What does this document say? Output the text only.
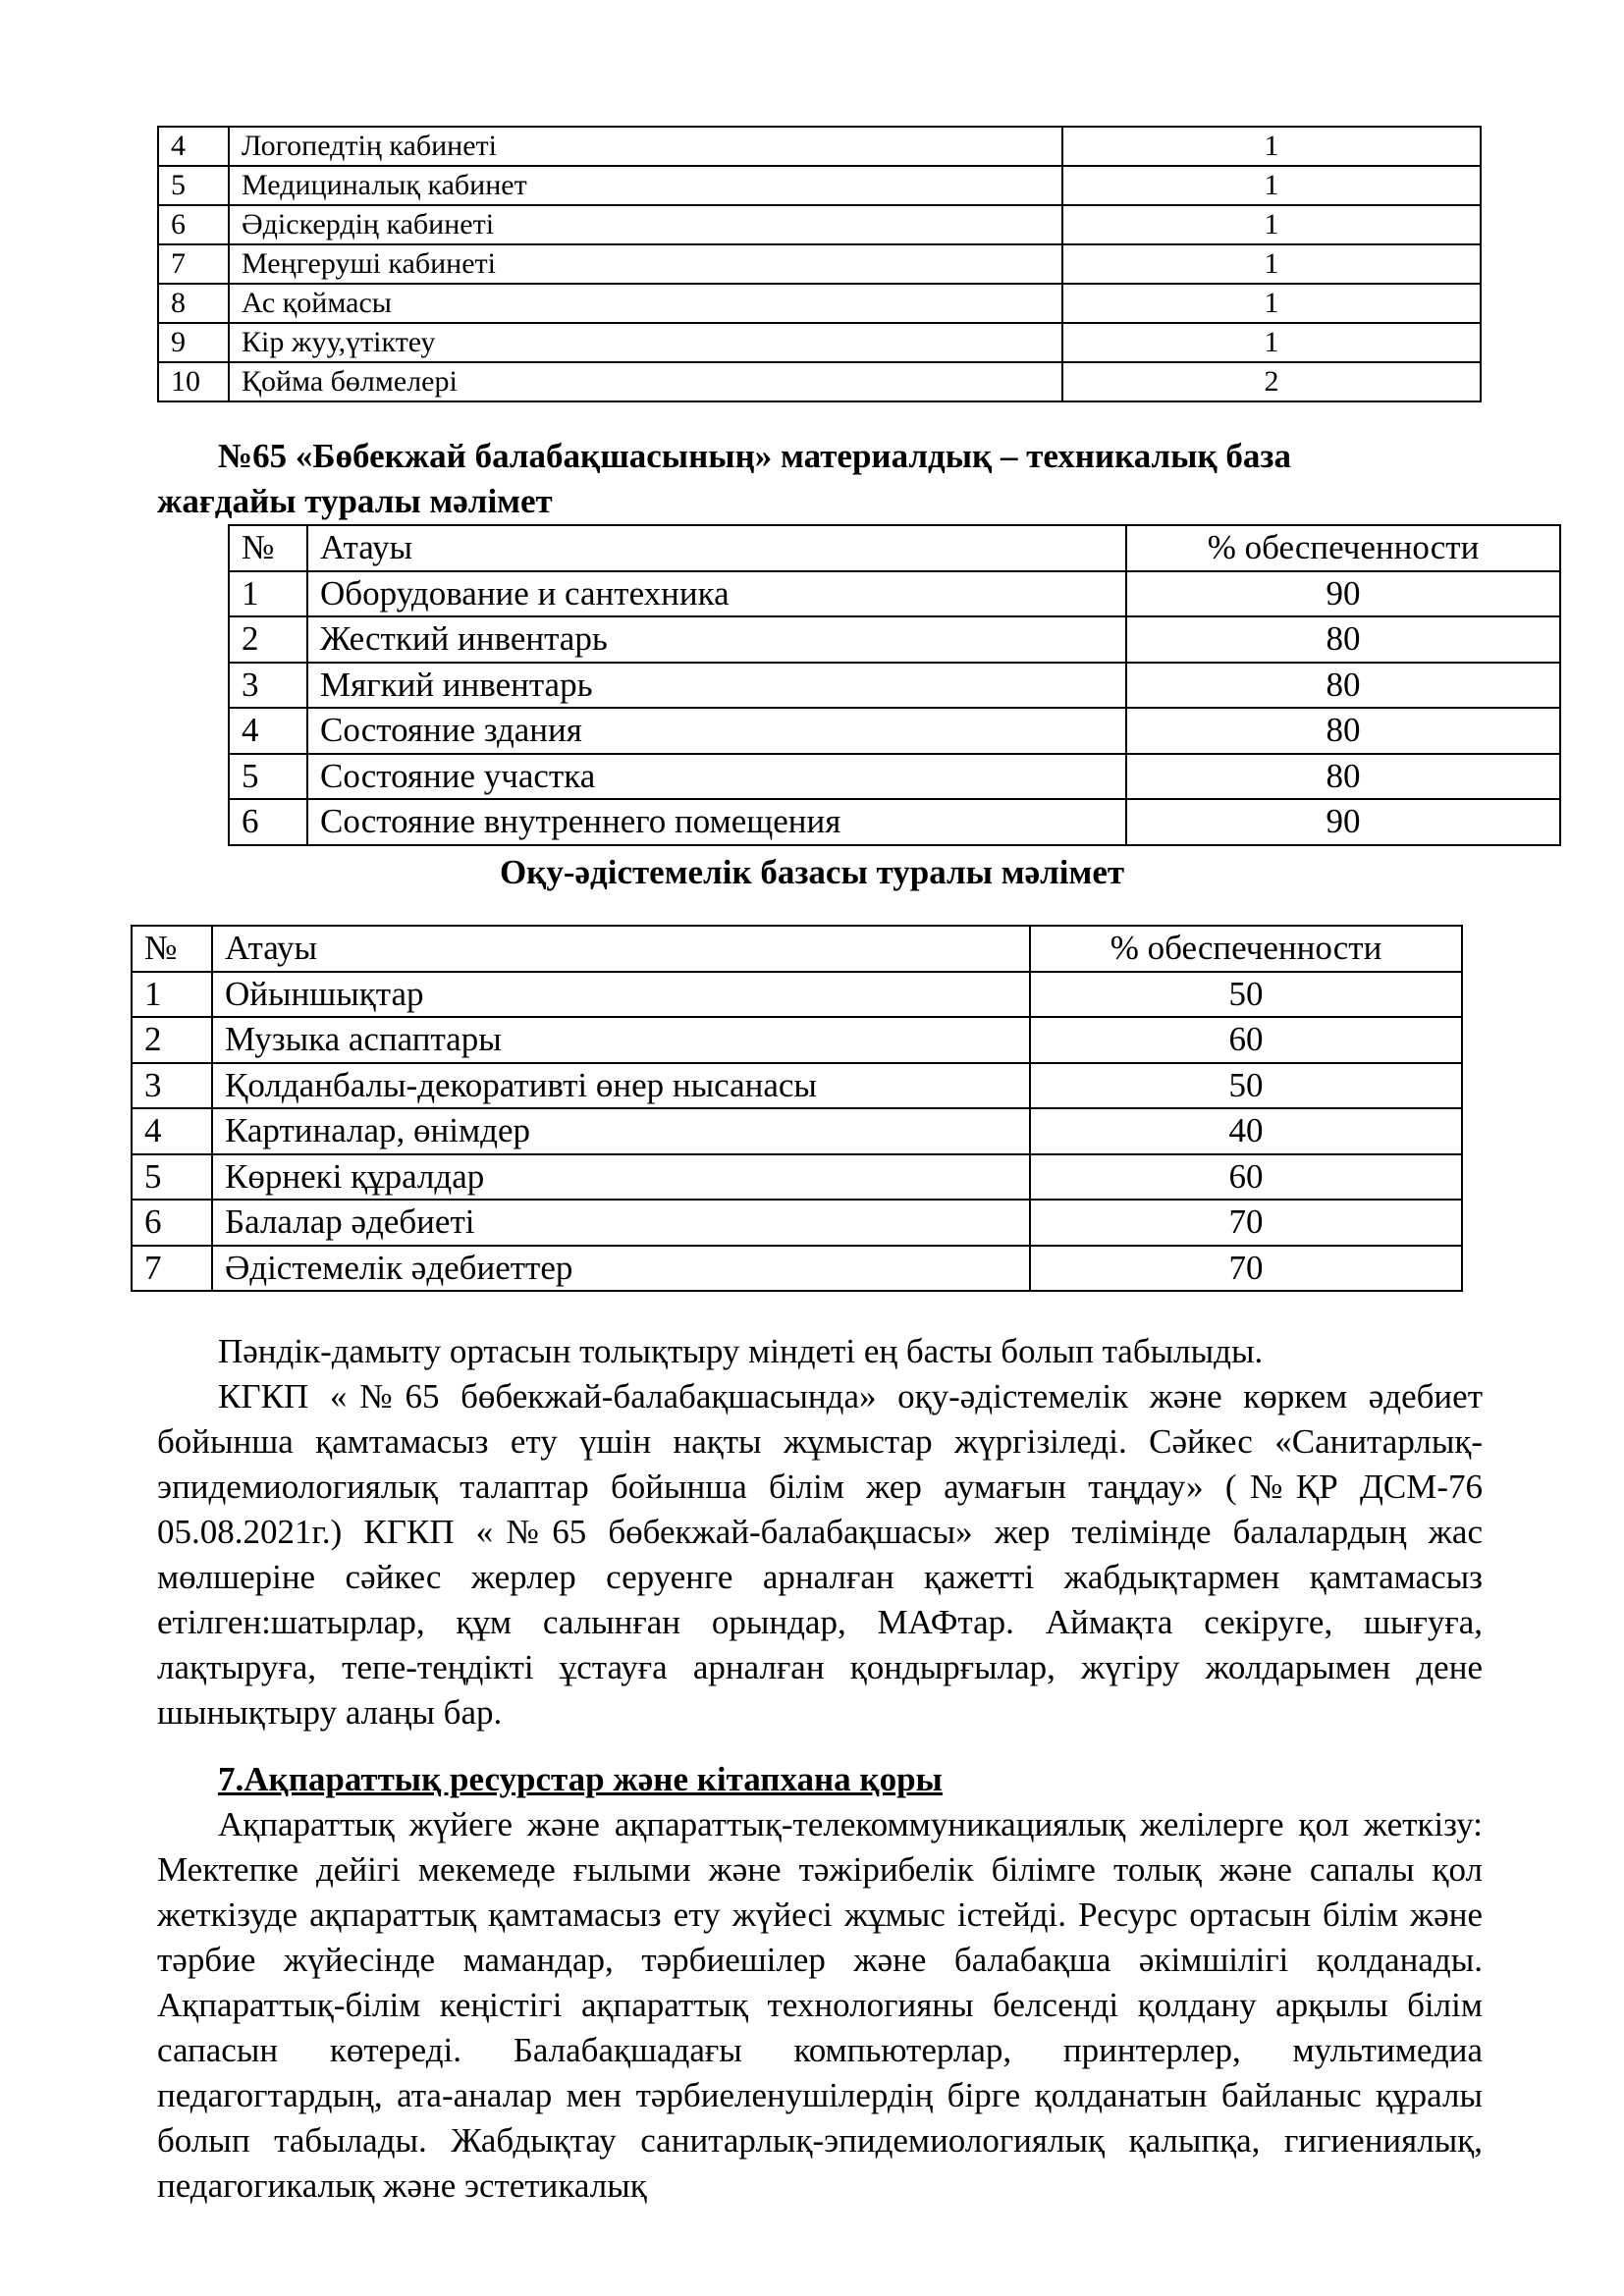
4	Логопедтің кабинеті	1
5	Медициналық кабинет	1
6	Әдіскердің кабинеті	1
7	Меңгеруші кабинеті	1
8	Ас қоймасы	1
9	Кір жуу,үтіктеу	1
10	Қойма бөлмелері	2
№65 «Бөбекжай балабақшасының» материалдық – техникалық база
жағдайы туралы мәлімет
№	Атауы	% обеспеченности
1	Оборудование и сантехника	90
2	Жесткий инвентарь	80
3	Мягкий инвентарь	80
4	Состояние здания	80
5	Состояние участка	80
6	Состояние внутреннего помещения	90
Оқу-әдістемелік базасы туралы мәлімет
№	Атауы	% обеспеченности
1	Ойыншықтар	50
2	Музыка аспаптары	60
3	Қолданбалы-декоративті өнер нысанасы	50
4	Картиналар, өнімдер	40
5	Көрнекі құралдар	60
6	Балалар әдебиеті	70
7	Әдістемелік әдебиеттер	70
Пәндік-дамыту ортасын толықтыру міндеті ең басты болып табылыды.
КГКП «№65 бөбекжай-балабақшасында» оқу-әдістемелік және көркем әдебиет бойынша қамтамасыз ету үшін нақты жұмыстар жүргізіледі. Сәйкес «Санитарлық-эпидемиологиялық талаптар бойынша білім жер аумағын таңдау» (№ҚР ДСМ-76 05.08.2021г.) КГКП «№65 бөбекжай-балабақшасы» жер телімінде балалардың жас мөлшеріне сәйкес жерлер серуенге арналған қажетті жабдықтармен қамтамасыз етілген:шатырлар, құм салынған орындар, МАФтар. Аймақта секіруге, шығуға, лақтыруға, тепе-теңдікті ұстауға арналған қондырғылар, жүгіру жолдарымен дене шынықтыру алаңы бар.
7.Ақпараттық ресурстар және кітапхана қоры
Ақпараттық жүйеге және ақпараттық-телекоммуникациялық желілерге қол жеткізу: Мектепке дейігі мекемеде ғылыми және тәжірибелік білімге толық және сапалы қол жеткізуде ақпараттық қамтамасыз ету жүйесі жұмыс істейді. Ресурс ортасын білім және тәрбие жүйесінде мамандар, тәрбиешілер және балабақша әкімшілігі қолданады. Ақпараттық-білім кеңістігі ақпараттық технологияны белсенді қолдану арқылы білім сапасын көтереді. Балабақшадағы компьютерлар, принтерлер, мультимедиа педагогтардың, ата-аналар мен тәрбиеленушілердің бірге қолданатын байланыс құралы болып табылады. Жабдықтау санитарлық-эпидемиологиялық қалыпқа, гигиениялық, педагогикалық және эстетикалық
